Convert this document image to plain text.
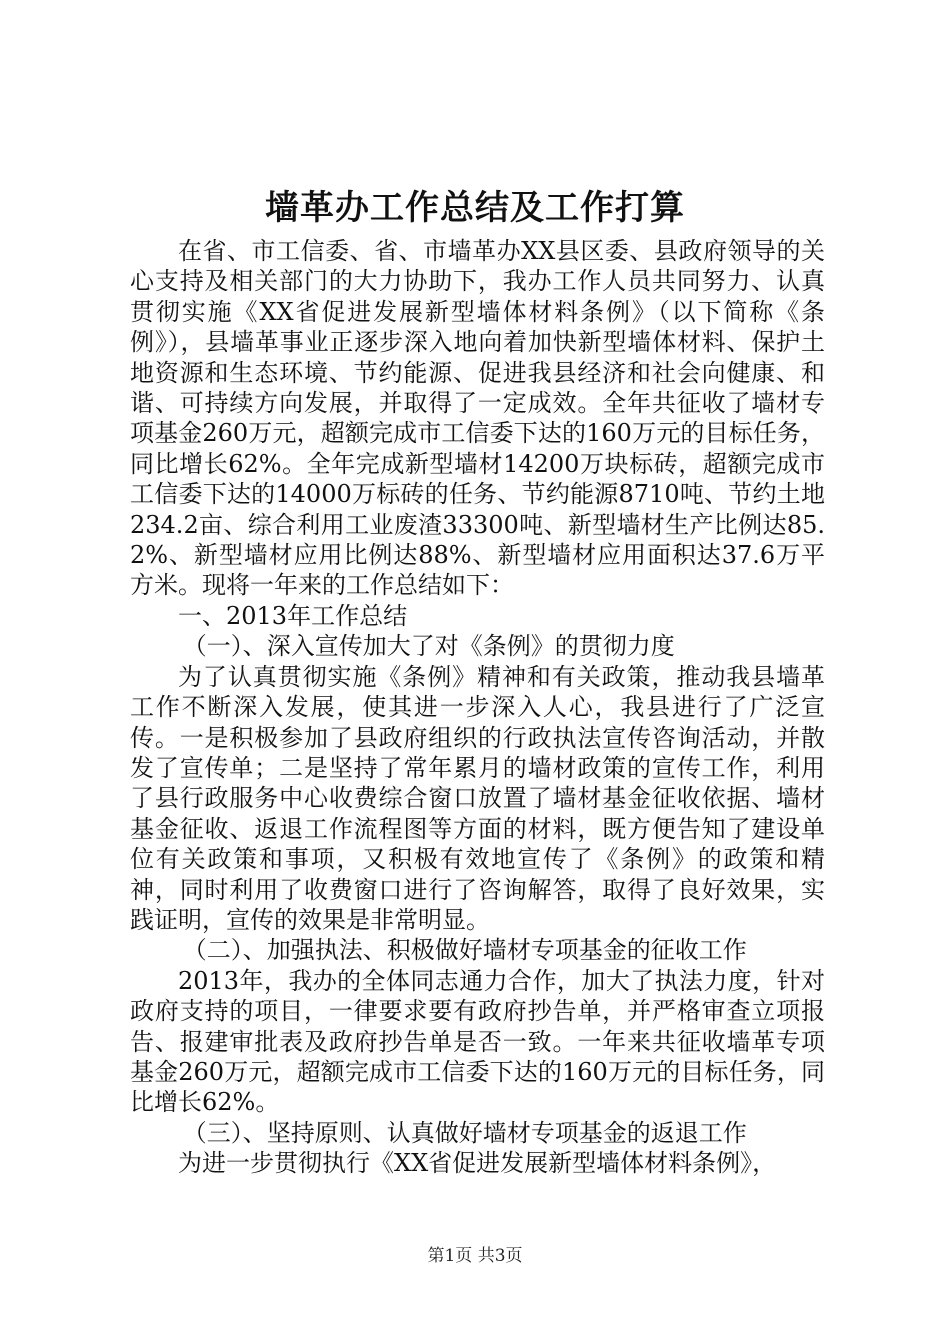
墙革办工作总结及工作打算

在省、市工信委、省、市墙革办XX县区委、县政府领导的关心支持及相关部门的大力协助下，我办工作人员共同努力、认真贯彻实施《XX省促进发展新型墙体材料条例》（以下简称《条例》），县墙革事业正逐步深入地向着加快新型墙体材料、保护土地资源和生态环境、节约能源、促进我县经济和社会向健康、和谐、可持续方向发展，并取得了一定成效。全年共征收了墙材专项基金260万元，超额完成市工信委下达的160万元的目标任务，同比增长62%。全年完成新型墙材14200万块标砖，超额完成市工信委下达的14000万标砖的任务、节约能源8710吨、节约土地234.2亩、综合利用工业废渣33300吨、新型墙材生产比例达85.2%、新型墙材应用比例达88%、新型墙材应用面积达37.6万平方米。现将一年来的工作总结如下：

一、2013年工作总结

（一）、深入宣传加大了对《条例》的贯彻力度

为了认真贯彻实施《条例》精神和有关政策，推动我县墙革工作不断深入发展，使其进一步深入人心，我县进行了广泛宣传。一是积极参加了县政府组织的行政执法宣传咨询活动，并散发了宣传单；二是坚持了常年累月的墙材政策的宣传工作，利用了县行政服务中心收费综合窗口放置了墙材基金征收依据、墙材基金征收、返退工作流程图等方面的材料，既方便告知了建设单位有关政策和事项，又积极有效地宣传了《条例》的政策和精神，同时利用了收费窗口进行了咨询解答，取得了良好效果，实践证明，宣传的效果是非常明显。

（二）、加强执法、积极做好墙材专项基金的征收工作

2013年，我办的全体同志通力合作，加大了执法力度，针对政府支持的项目，一律要求要有政府抄告单，并严格审查立项报告、报建审批表及政府抄告单是否一致。一年来共征收墙革专项基金260万元，超额完成市工信委下达的160万元的目标任务，同比增长62%。

（三）、坚持原则、认真做好墙材专项基金的返退工作

为进一步贯彻执行《XX省促进发展新型墙体材料条例》，

第1页 共3页
